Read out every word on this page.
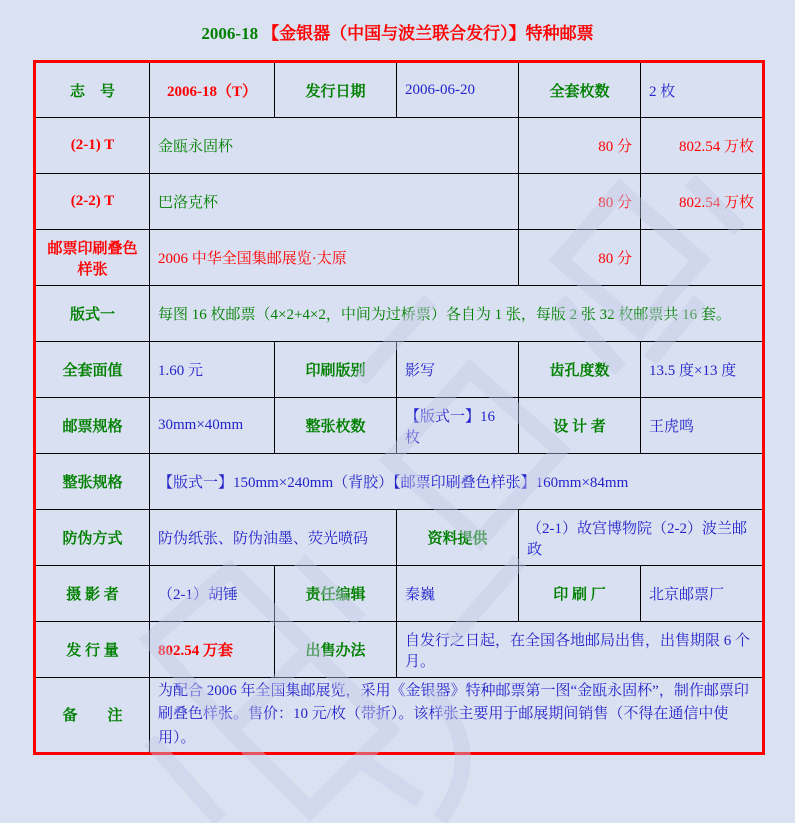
2006-18 【金银器（中国与波兰联合发行）】特种邮票
志　号	2006-18（T）	发行日期	2006-06-20	全套枚数	2 枚
(2-1) T	金瓯永固杯			80 分	802.54 万枚
(2-2) T	巴洛克杯			80 分	802.54 万枚
邮票印刷叠色样张	2006 中华全国集邮展览·太原			80 分	
版式一	每图 16 枚邮票（4×2+4×2，中间为过桥票）各自为 1 张，每版 2 张 32 枚邮票共 16 套。				
全套面值	1.60 元	印刷版别	影写	齿孔度数	13.5 度×13 度
邮票规格	30mm×40mm	整张枚数	【版式一】16 枚	设 计 者	王虎鸣
整张规格	【版式一】150mm×240mm（背胶）【邮票印刷叠色样张】160mm×84mm				
防伪方式	防伪纸张、防伪油墨、荧光喷码		资料提供	（2-1）故宫博物院（2-2）波兰邮政	
摄 影 者	（2-1）胡锤	责任编辑	秦巍	印 刷 厂	北京邮票厂
发 行 量	802.54 万套	出售办法	自发行之日起，在全国各地邮局出售，出售期限 6 个月。		
备　　注	为配合 2006 年全国集邮展览，采用《金银器》特种邮票第一图“金瓯永固杯”，制作邮票印刷叠色样张。售价：10 元/枚（带折）。该样张主要用于邮展期间销售（不得在通信中使用）。				
